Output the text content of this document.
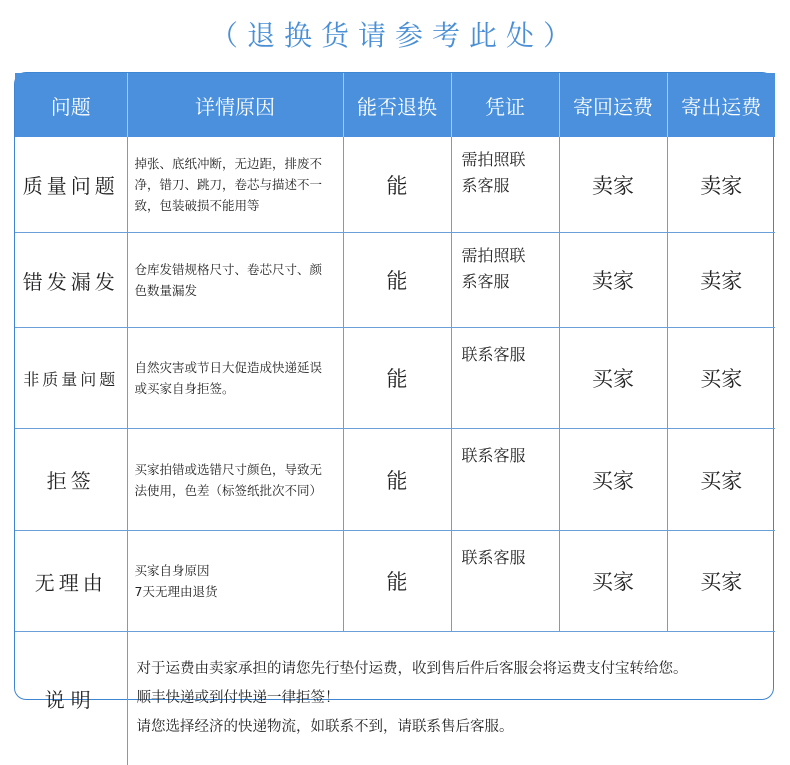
（退换货请参考此处）
问题	详情原因	能否退换	凭证	寄回运费	寄出运费
质量问题	掉张、底纸冲断，无边距，排废不
净，错刀、跳刀，卷芯与描述不一
致，包装破损不能用等	能	需拍照联
系客服	卖家	卖家
错发漏发	仓库发错规格尺寸、卷芯尺寸、颜
色数量漏发	能	需拍照联
系客服	卖家	卖家
非质量问题	自然灾害或节日大促造成快递延误
或买家自身拒签。	能	联系客服	买家	买家
拒签	买家拍错或选错尺寸颜色，导致无
法使用，色差（标签纸批次不同）	能	联系客服	买家	买家
无理由	买家自身原因
7天无理由退货	能	联系客服	买家	买家
说明	对于运费由卖家承担的请您先行垫付运费，收到售后件后客服会将运费支付宝转给您。
顺丰快递或到付快递一律拒签！
请您选择经济的快递物流，如联系不到，请联系售后客服。				
